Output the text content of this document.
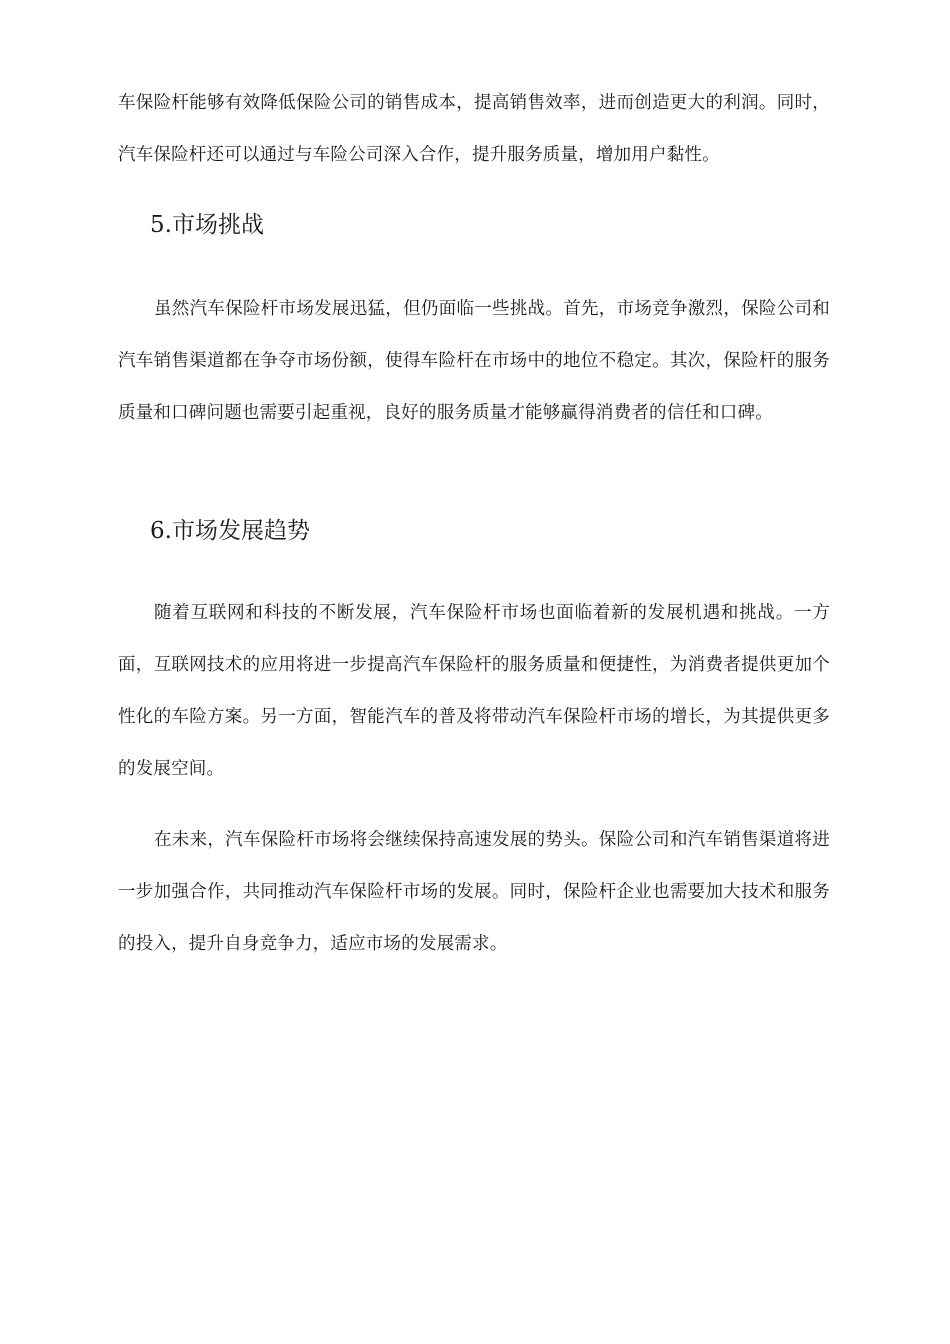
车保险杆能够有效降低保险公司的销售成本，提高销售效率，进而创造更大的利润。同时，汽车保险杆还可以通过与车险公司深入合作，提升服务质量，增加用户黏性。

5.市场挑战

虽然汽车保险杆市场发展迅猛，但仍面临一些挑战。首先，市场竞争激烈，保险公司和汽车销售渠道都在争夺市场份额，使得车险杆在市场中的地位不稳定。其次，保险杆的服务质量和口碑问题也需要引起重视，良好的服务质量才能够赢得消费者的信任和口碑。

6.市场发展趋势

随着互联网和科技的不断发展，汽车保险杆市场也面临着新的发展机遇和挑战。一方面，互联网技术的应用将进一步提高汽车保险杆的服务质量和便捷性，为消费者提供更加个性化的车险方案。另一方面，智能汽车的普及将带动汽车保险杆市场的增长，为其提供更多的发展空间。

在未来，汽车保险杆市场将会继续保持高速发展的势头。保险公司和汽车销售渠道将进一步加强合作，共同推动汽车保险杆市场的发展。同时，保险杆企业也需要加大技术和服务的投入，提升自身竞争力，适应市场的发展需求。
